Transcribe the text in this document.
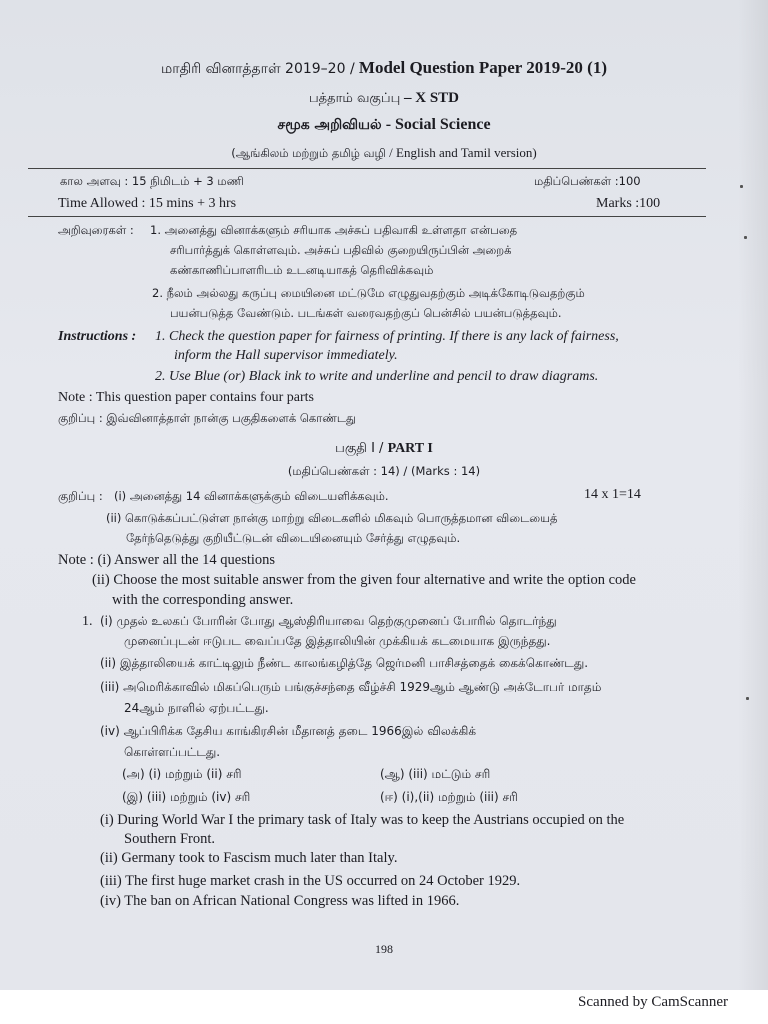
மாதிரி வினாத்தாள் 2019–20 / Model Question Paper 2019-20 (1)
பத்தாம் வகுப்பு – X STD
சமூக அறிவியல் - Social Science
(ஆங்கிலம் மற்றும் தமிழ் வழி / English and Tamil version)
கால அளவு : 15 நிமிடம் + 3 மணி	மதிப்பெண்கள் :100
Time Allowed : 15 mins + 3 hrs	Marks :100
அறிவுரைகள் : 1. அனைத்து வினாக்களும் சரியாக அச்சுப் பதிவாகி உள்ளதா என்பதை
சரிபார்த்துக் கொள்ளவும். அச்சுப் பதிவில் குறையிருப்பின் அறைக்
கண்காணிப்பாளரிடம் உடனடியாகத் தெரிவிக்கவும்
2. நீலம் அல்லது கருப்பு மையினை மட்டுமே எழுதுவதற்கும் அடிக்கோடிடுவதற்கும்
பயன்படுத்த வேண்டும். படங்கள் வரைவதற்குப் பென்சில் பயன்படுத்தவும்.
Instructions : 1. Check the question paper for fairness of printing. If there is any lack of fairness,
inform the Hall supervisor immediately.
2. Use Blue (or) Black ink to write and underline and pencil to draw diagrams.
Note : This question paper contains four parts
குறிப்பு : இவ்வினாத்தாள் நான்கு பகுதிகளைக் கொண்டது
பகுதி I / PART I
(மதிப்பெண்கள் : 14) / (Marks : 14)
குறிப்பு : (i) அனைத்து 14 வினாக்களுக்கும் விடையளிக்கவும்.	14 x 1=14
(ii) கொடுக்கப்பட்டுள்ள நான்கு மாற்று விடைகளில் மிகவும் பொருத்தமான விடையைத்
தேர்ந்தெடுத்து குறியீட்டுடன் விடையினையும் சேர்த்து எழுதவும்.
Note : (i) Answer all the 14 questions
(ii) Choose the most suitable answer from the given four alternative and write the option code
with the corresponding answer.
1. (i) முதல் உலகப் போரின் போது ஆஸ்திரியாவை தெற்குமுனைப் போரில் தொடர்ந்து
முனைப்புடன் ஈடுபட வைப்பதே இத்தாலியின் முக்கியக் கடமையாக இருந்தது.
(ii) இத்தாலியைக் காட்டிலும் நீண்ட காலங்கழித்தே ஜெர்மனி பாசிசத்தைக் கைக்கொண்டது.
(iii) அமெரிக்காவில் மிகப்பெரும் பங்குச்சந்தை வீழ்ச்சி 1929ஆம் ஆண்டு அக்டோபர் மாதம்
24ஆம் நாளில் ஏற்பட்டது.
(iv) ஆப்பிரிக்க தேசிய காங்கிரசின் மீதானத் தடை 1966இல் விலக்கிக்
கொள்ளப்பட்டது.
(அ) (i) மற்றும் (ii) சரி	(ஆ) (iii) மட்டும் சரி
(இ) (iii) மற்றும் (iv) சரி	(ஈ) (i),(ii) மற்றும் (iii) சரி
(i) During World War I the primary task of Italy was to keep the Austrians occupied on the
Southern Front.
(ii) Germany took to Fascism much later than Italy.
(iii) The first huge market crash in the US occurred on 24 October 1929.
(iv) The ban on African National Congress was lifted in 1966.
198
Scanned by CamScanner
